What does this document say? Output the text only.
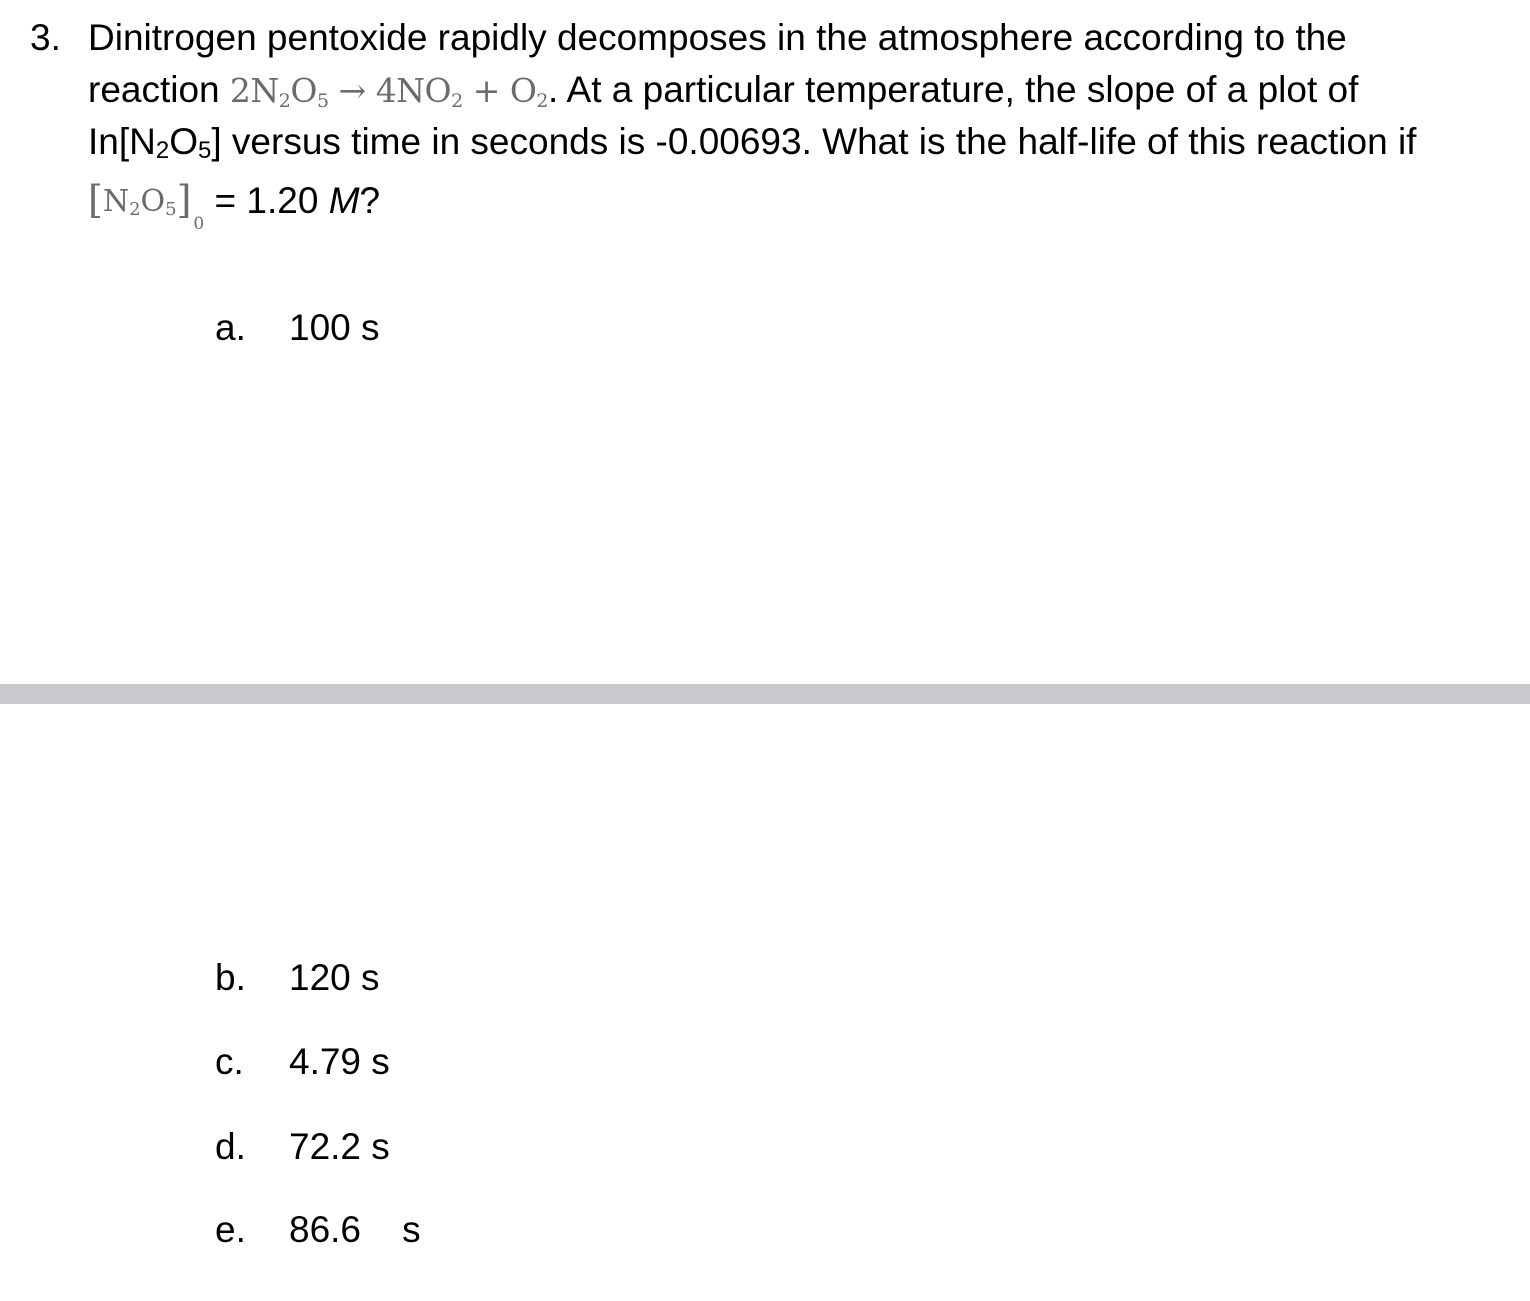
3. Dinitrogen pentoxide rapidly decomposes in the atmosphere according to the
reaction $2N_2O_5 \to 4NO_2 + O_2$. At a particular temperature, the slope of a plot of
$In[N_2O_5]$ versus time in seconds is -0.00693. What is the half-life of this reaction if
$[N_2O_5]_0 = 1.20$ M?
a. 100 s
b. 120 s
c. 4.79 s
d. 72.2 s
e. 86.6    s
